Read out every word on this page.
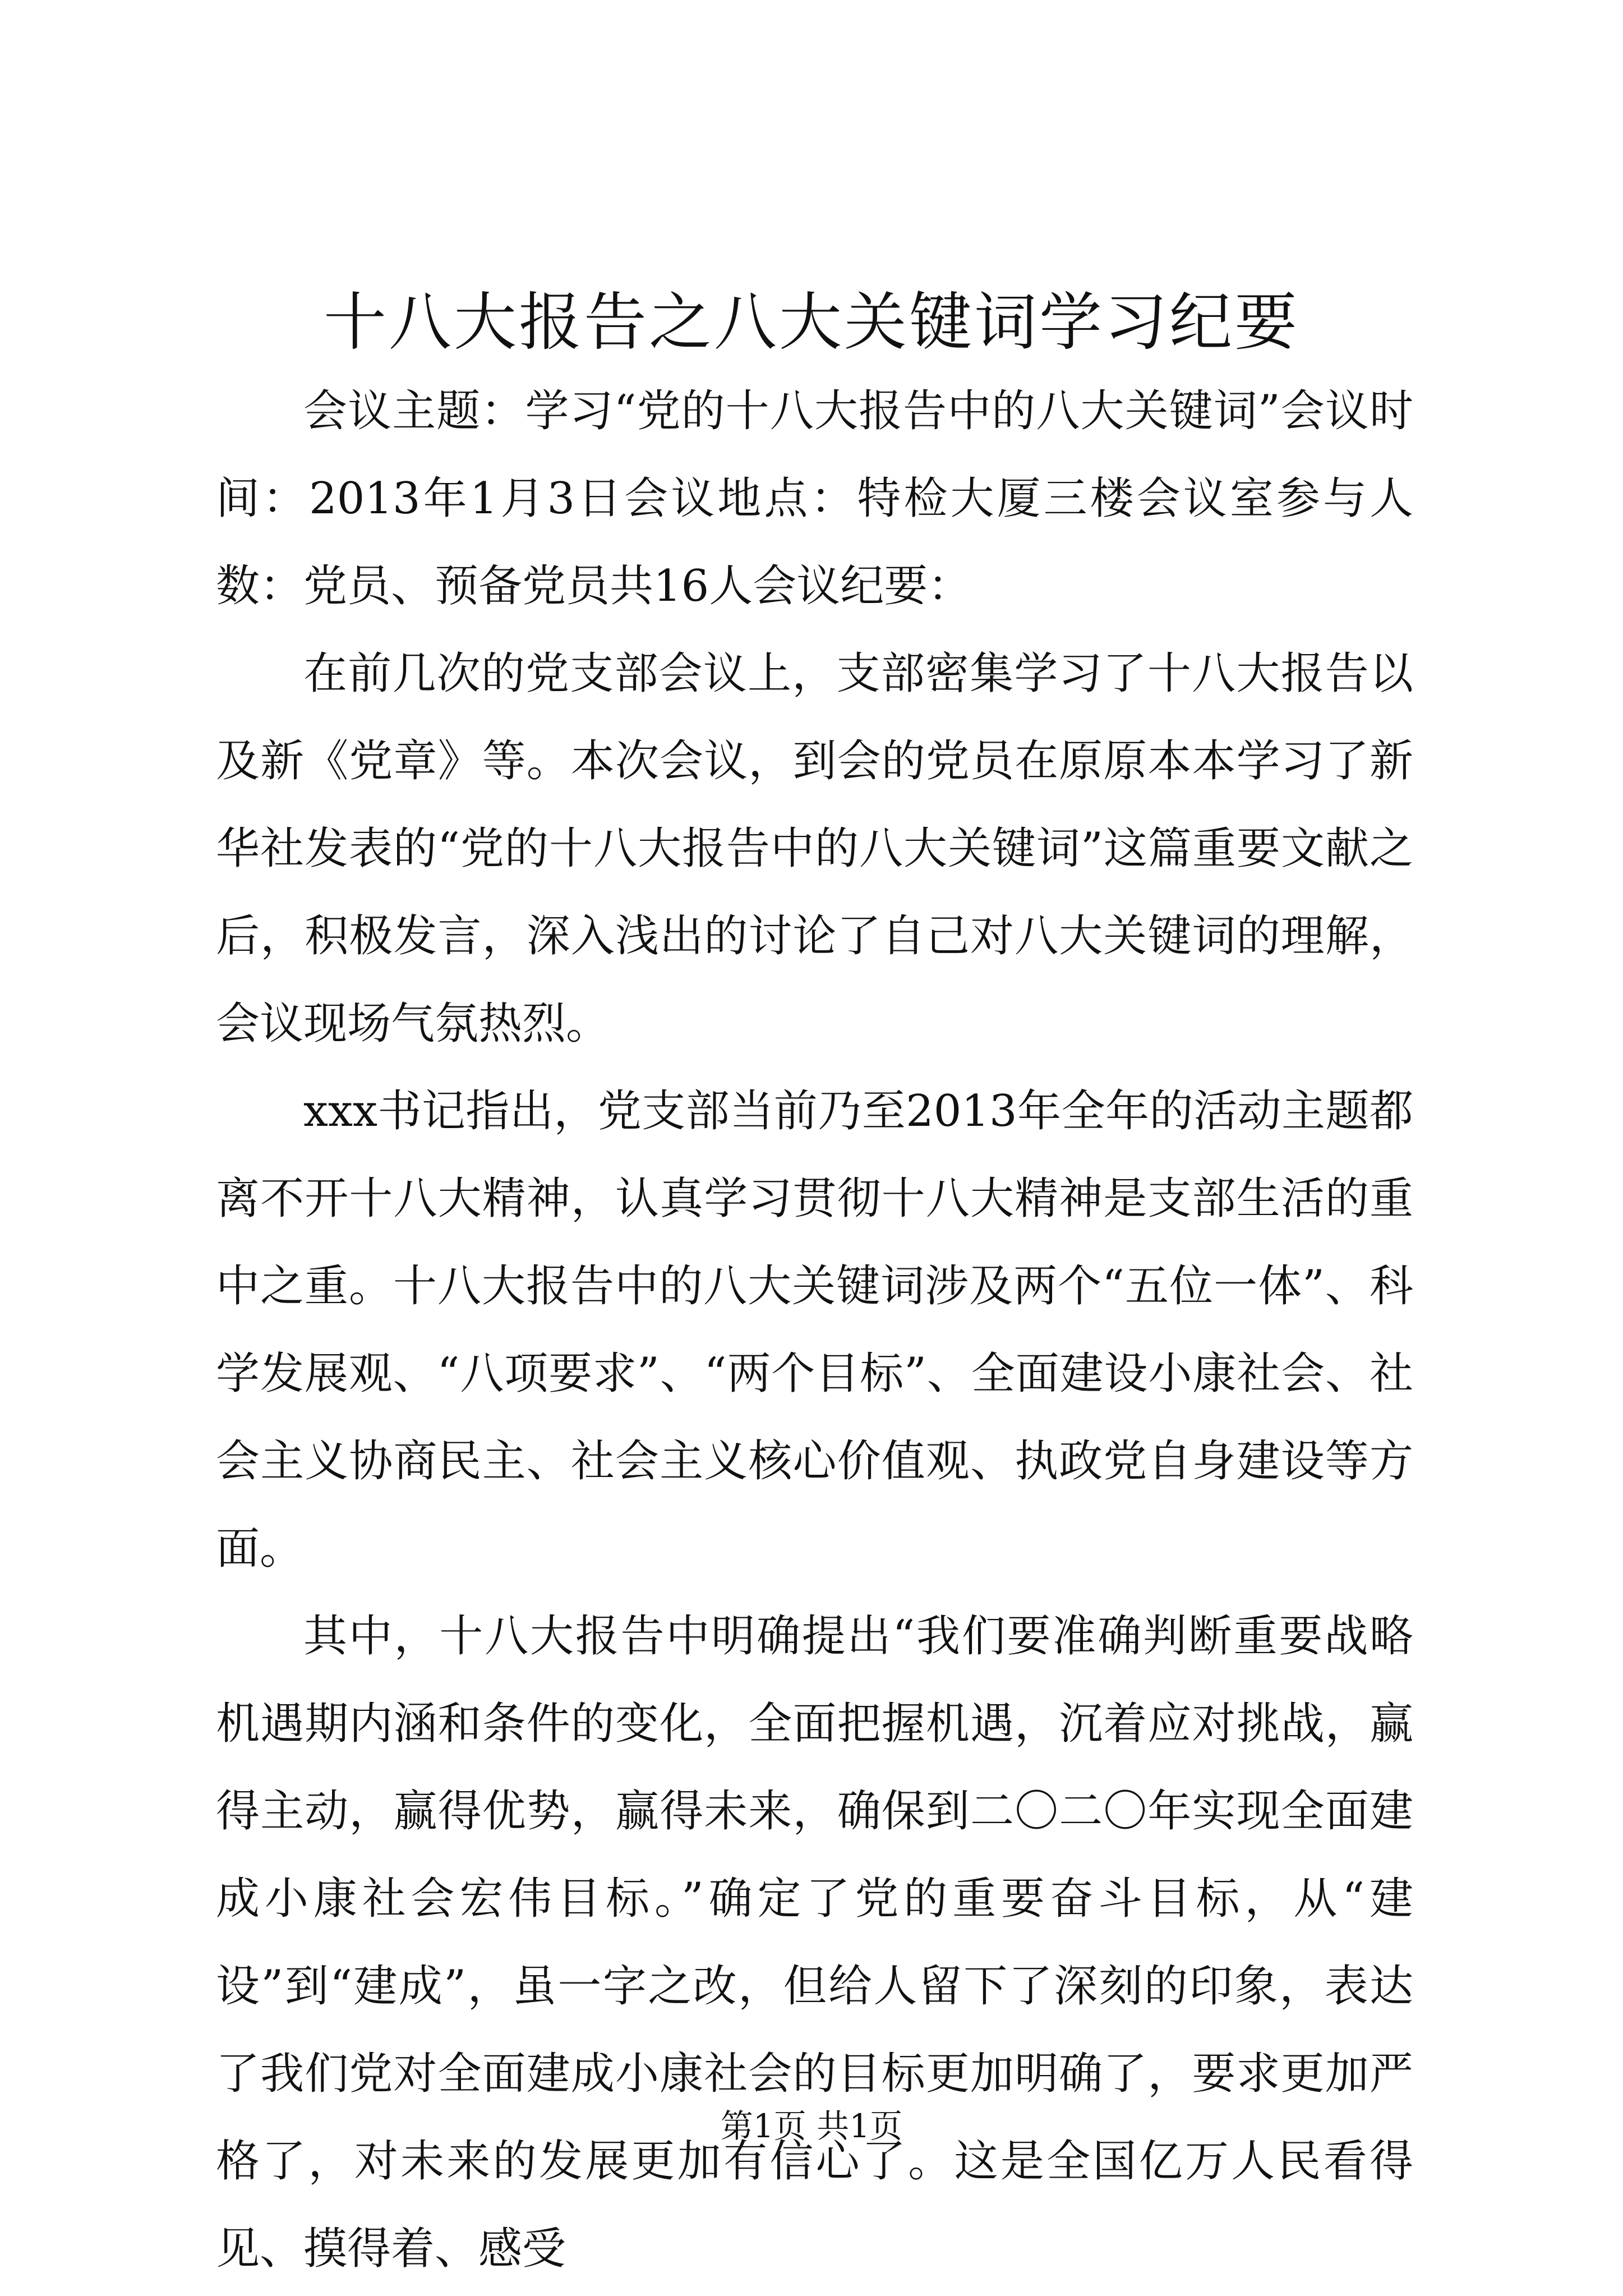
十八大报告之八大关键词学习纪要

会议主题：学习“党的十八大报告中的八大关键词”会议时间：2013年1月3日会议地点：特检大厦三楼会议室参与人数：党员、预备党员共16人会议纪要：

在前几次的党支部会议上，支部密集学习了十八大报告以及新《党章》等。本次会议，到会的党员在原原本本学习了新华社发表的“党的十八大报告中的八大关键词”这篇重要文献之后，积极发言，深入浅出的讨论了自己对八大关键词的理解，会议现场气氛热烈。

xxx书记指出，党支部当前乃至2013年全年的活动主题都离不开十八大精神，认真学习贯彻十八大精神是支部生活的重中之重。十八大报告中的八大关键词涉及两个“五位一体”、科学发展观、“八项要求”、“两个目标”、全面建设小康社会、社会主义协商民主、社会主义核心价值观、执政党自身建设等方面。

其中，十八大报告中明确提出“我们要准确判断重要战略机遇期内涵和条件的变化，全面把握机遇，沉着应对挑战，赢得主动，赢得优势，赢得未来，确保到二〇二〇年实现全面建成小康社会宏伟目标。”确定了党的重要奋斗目标，从“建设”到“建成”，虽一字之改，但给人留下了深刻的印象，表达了我们党对全面建成小康社会的目标更加明确了，要求更加严格了，对未来的发展更加有信心了。这是全国亿万人民看得见、摸得着、感受

第1页 共1页
